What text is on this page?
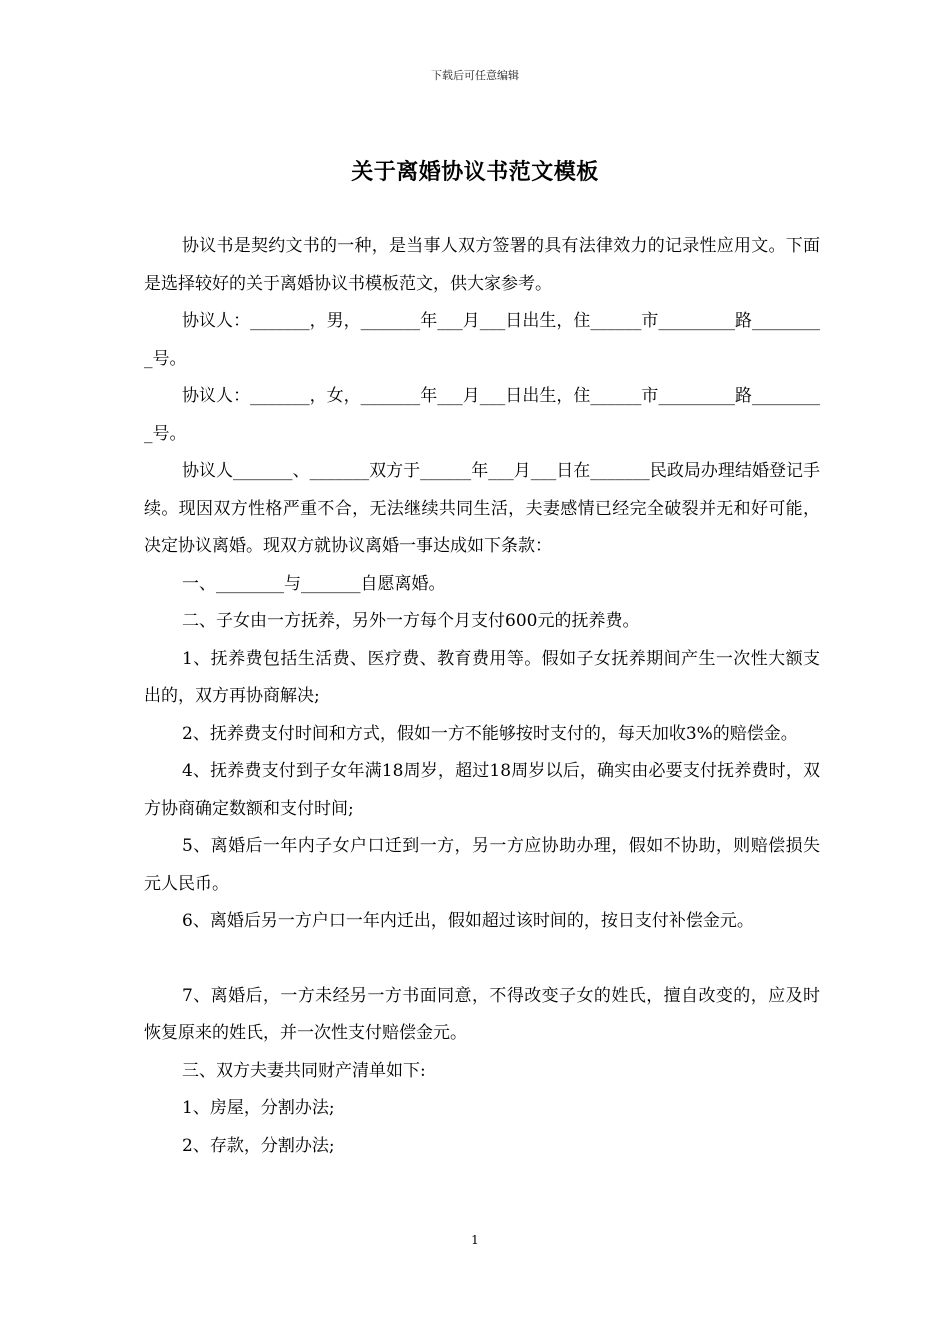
下载后可任意编辑
关于离婚协议书范文模板

协议书是契约文书的一种，是当事人双方签署的具有法律效力的记录性应用文。下面是选择较好的关于离婚协议书模板范文，供大家参考。

协议人：_______，男，_______年___月___日出生，住______市_________路_________号。

协议人：_______，女，_______年___月___日出生，住______市_________路_________号。

协议人_______、_______双方于______年___月___日在_______民政局办理结婚登记手续。现因双方性格严重不合，无法继续共同生活，夫妻感情已经完全破裂并无和好可能，决定协议离婚。现双方就协议离婚一事达成如下条款：

一、________与_______自愿离婚。

二、子女由一方抚养，另外一方每个月支付600元的抚养费。

1、抚养费包括生活费、医疗费、教育费用等。假如子女抚养期间产生一次性大额支出的，双方再协商解决;

2、抚养费支付时间和方式，假如一方不能够按时支付的，每天加收3%的赔偿金。

4、抚养费支付到子女年满18周岁，超过18周岁以后，确实由必要支付抚养费时，双方协商确定数额和支付时间;

5、离婚后一年内子女户口迁到一方，另一方应协助办理，假如不协助，则赔偿损失元人民币。

6、离婚后另一方户口一年内迁出，假如超过该时间的，按日支付补偿金元。

7、离婚后，一方未经另一方书面同意，不得改变子女的姓氏，擅自改变的，应及时恢复原来的姓氏，并一次性支付赔偿金元。

三、双方夫妻共同财产清单如下:

1、房屋，分割办法;

2、存款，分割办法;

1
